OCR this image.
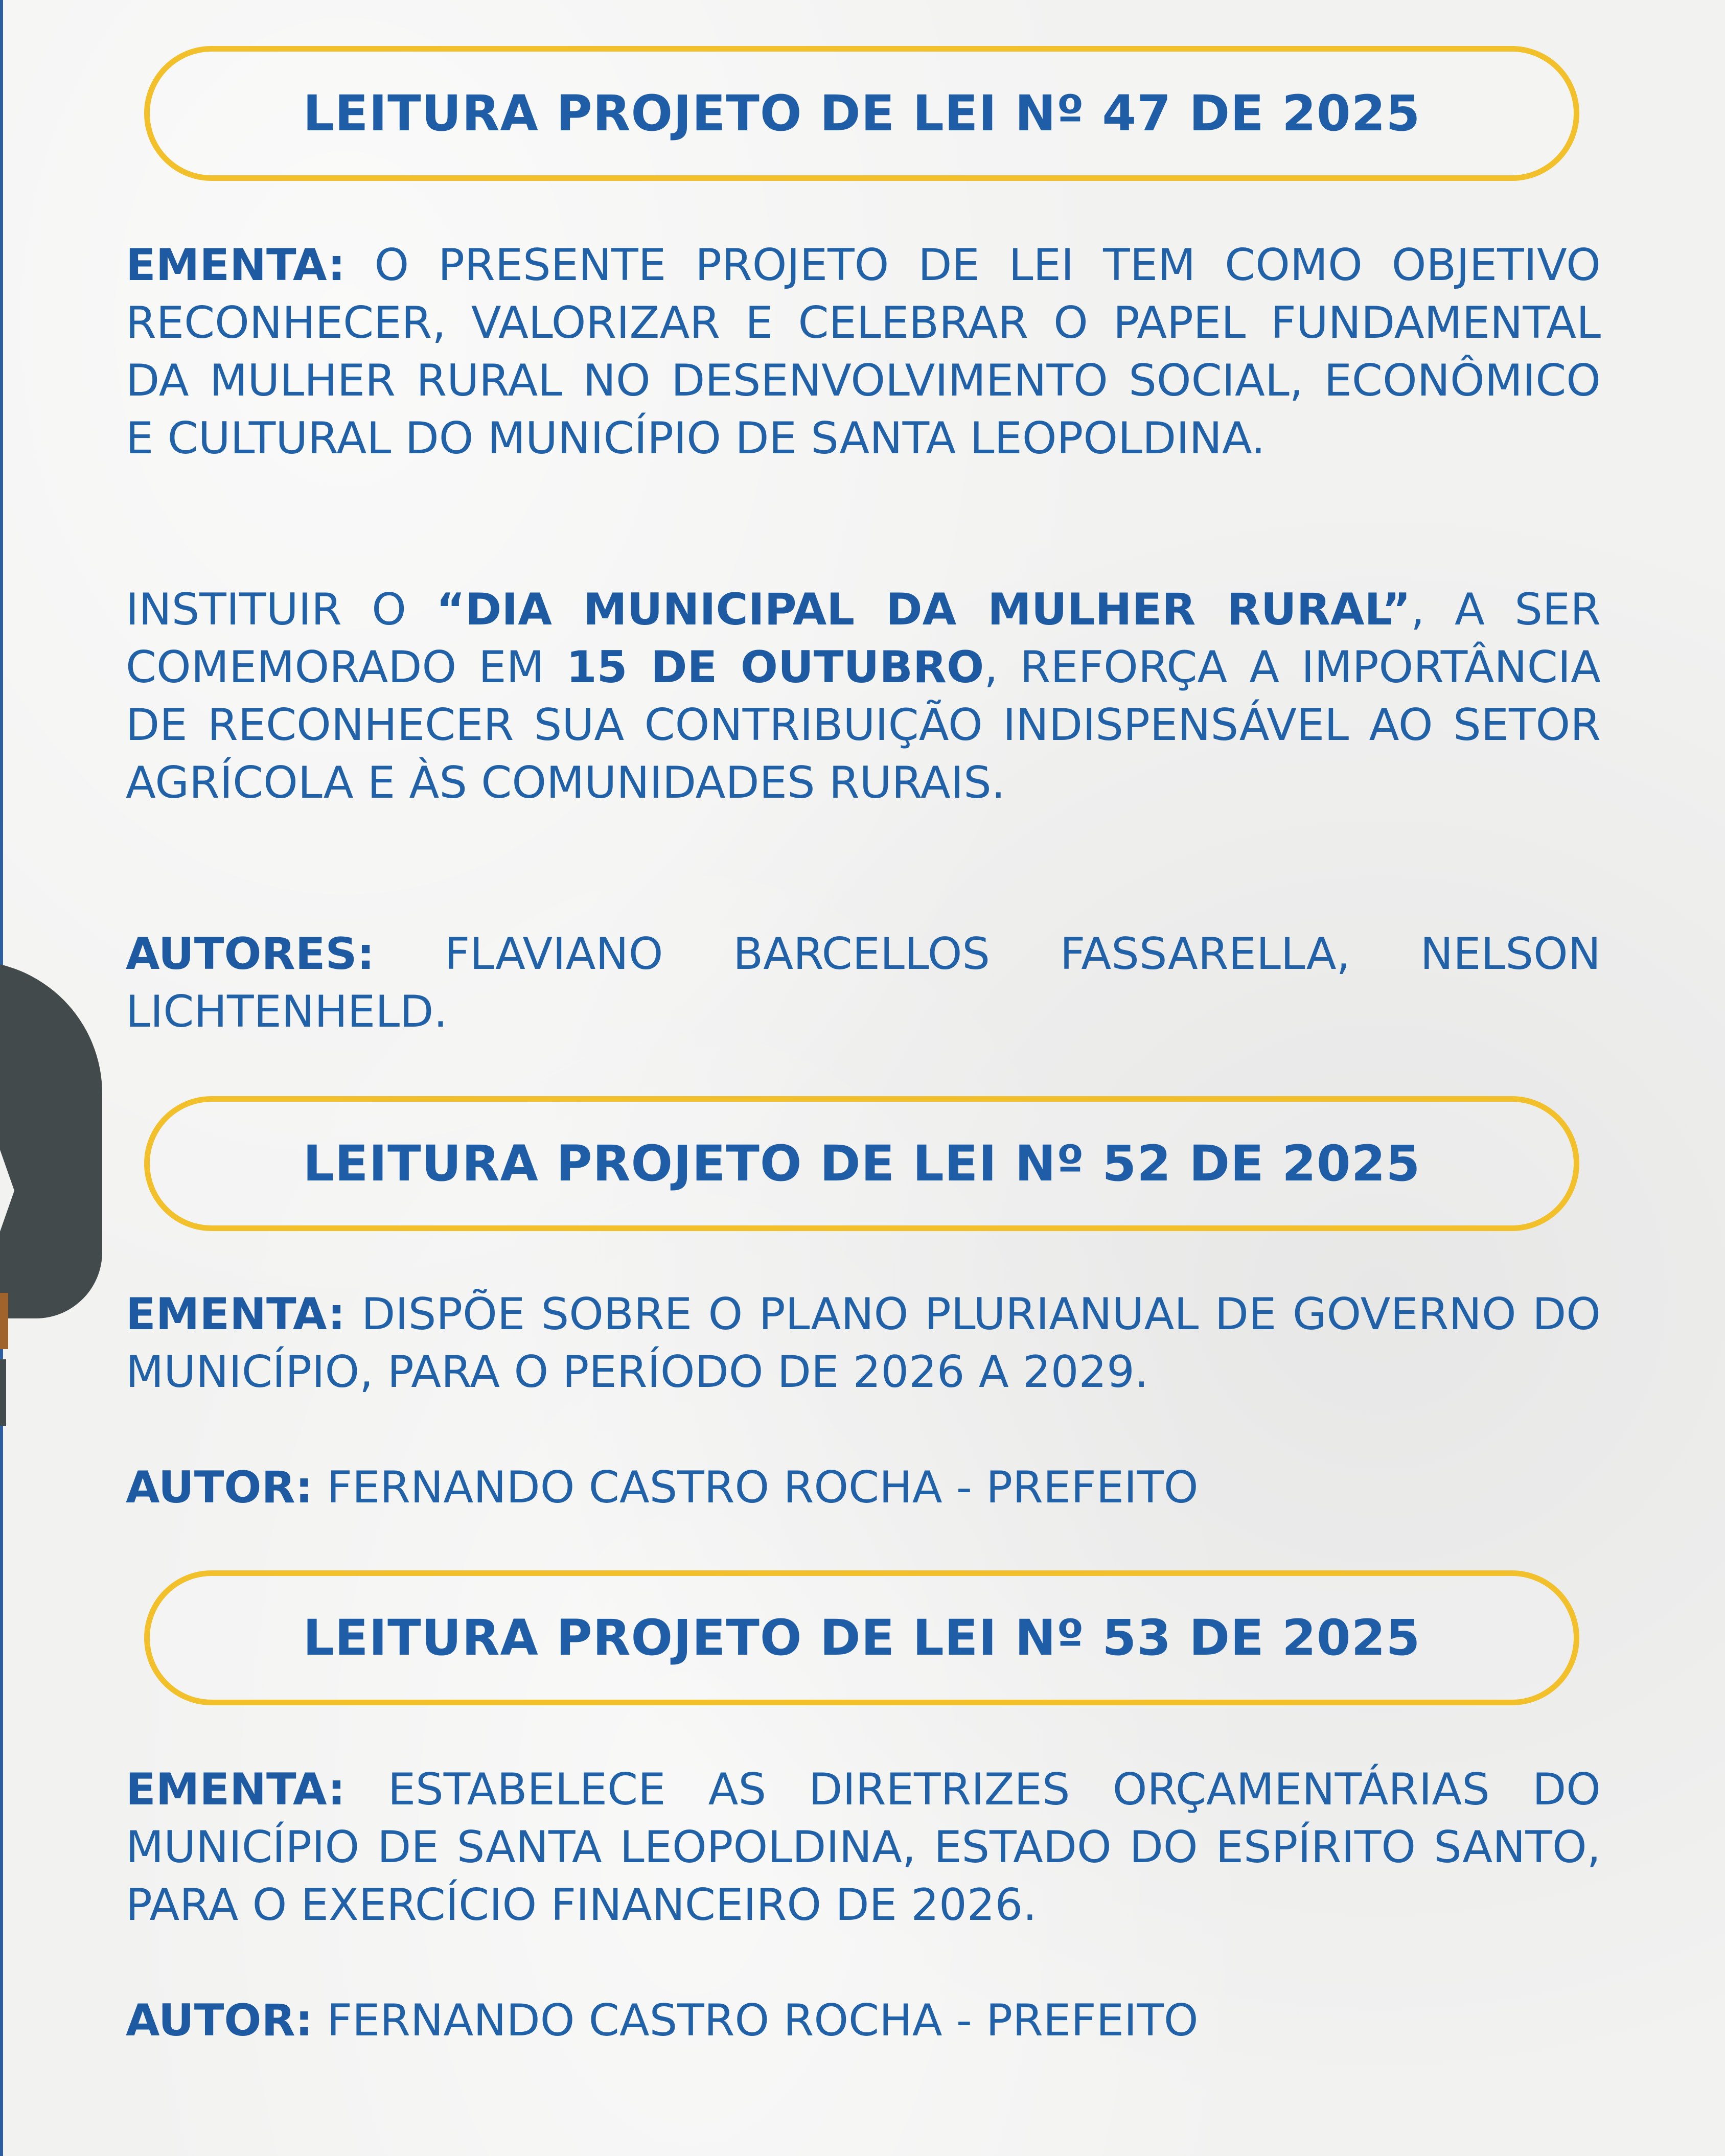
LEITURA PROJETO DE LEI Nº 47 DE 2025

EMENTA: O PRESENTE PROJETO DE LEI TEM COMO OBJETIVO RECONHECER, VALORIZAR E CELEBRAR O PAPEL FUNDAMENTAL DA MULHER RURAL NO DESENVOLVIMENTO SOCIAL, ECONÔMICO E CULTURAL DO MUNICÍPIO DE SANTA LEOPOLDINA.

INSTITUIR O “DIA MUNICIPAL DA MULHER RURAL”, A SER COMEMORADO EM 15 DE OUTUBRO, REFORÇA A IMPORTÂNCIA DE RECONHECER SUA CONTRIBUIÇÃO INDISPENSÁVEL AO SETOR AGRÍCOLA E ÀS COMUNIDADES RURAIS.

AUTORES: FLAVIANO BARCELLOS FASSARELLA, NELSON LICHTENHELD.

LEITURA PROJETO DE LEI Nº 52 DE 2025

EMENTA: DISPÕE SOBRE O PLANO PLURIANUAL DE GOVERNO DO MUNICÍPIO, PARA O PERÍODO DE 2026 A 2029.

AUTOR: FERNANDO CASTRO ROCHA - PREFEITO

LEITURA PROJETO DE LEI Nº 53 DE 2025

EMENTA: ESTABELECE AS DIRETRIZES ORÇAMENTÁRIAS DO MUNICÍPIO DE SANTA LEOPOLDINA, ESTADO DO ESPÍRITO SANTO, PARA O EXERCÍCIO FINANCEIRO DE 2026.

AUTOR: FERNANDO CASTRO ROCHA - PREFEITO
